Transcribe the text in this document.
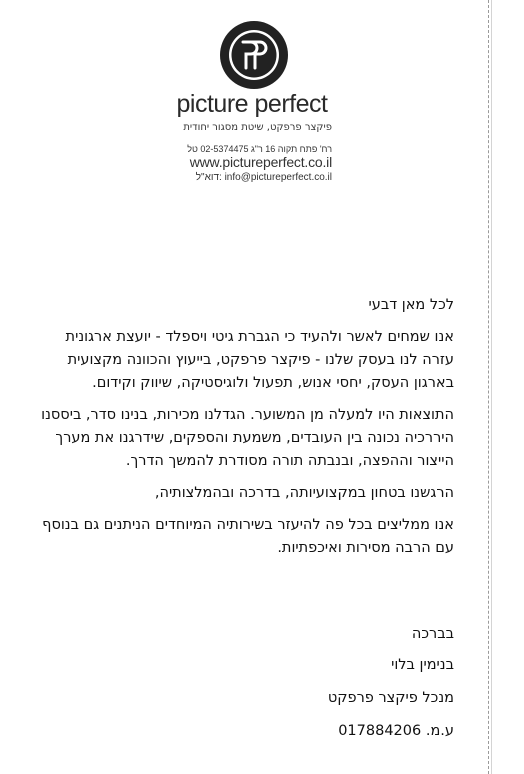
picture perfect
פיקצר פרפקט, שיטת מסגור יחודית
רח' פתח תקוה 16 ר"ג 02-5374475 טל
www.pictureperfect.co.il
info@pictureperfect.co.il :דוא"ל

לכל מאן דבעי

אנו שמחים לאשר ולהעיד כי הגברת גיטי ויספלד - יועצת ארגונית עזרה לנו בעסק שלנו - פיקצר פרפקט, בייעוץ והכוונה מקצועית בארגון העסק, יחסי אנוש, תפעול ולוגיסטיקה, שיווק וקידום.

התוצאות היו למעלה מן המשוער. הגדלנו מכירות, בנינו סדר, ביססנו היררכיה נכונה בין העובדים, משמעת והספקים, שידרגנו את מערך הייצור וההפצה, ובנבתה תורה מסודרת להמשך הדרך.

הרגשנו בטחון במקצועיותה, בדרכה ובהמלצותיה,

אנו ממליצים בכל פה להיעזר בשירותיה המיוחדים הניתנים גם בנוסף עם הרבה מסירות ואיכפתיות.

בברכה
בנימין בלוי
מנכל פיקצר פרפקט
ע.מ. 017884206
